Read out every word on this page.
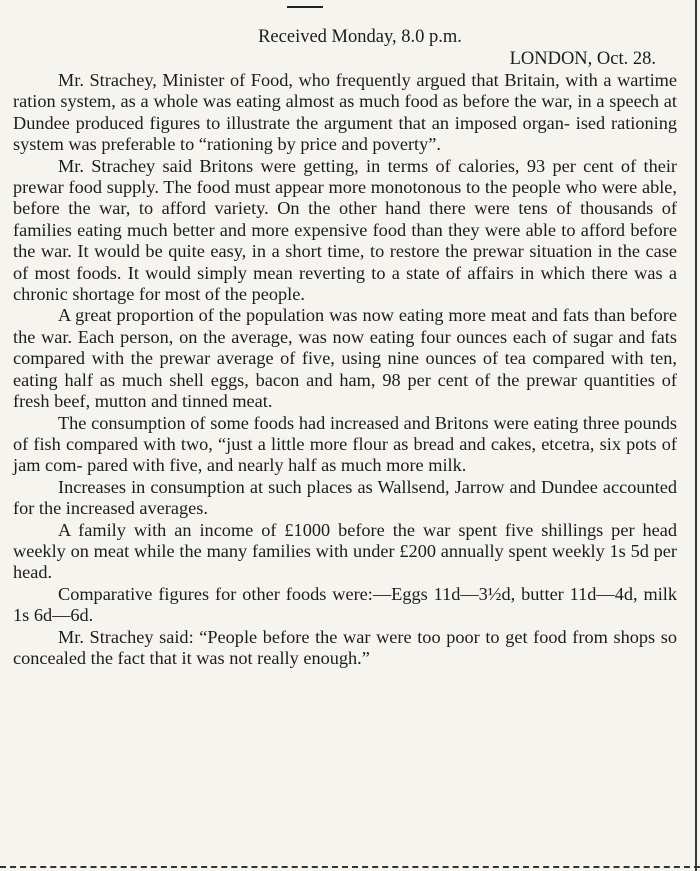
Received Monday, 8.0 p.m.

LONDON, Oct. 28.

Mr. Strachey, Minister of Food, who frequently argued that Britain, with a wartime ration system, as a whole was eating almost as much food as before the war, in a speech at Dundee produced figures to illustrate the argument that an imposed organ- ised rationing system was preferable to “rationing by price and poverty”.

Mr. Strachey said Britons were getting, in terms of calories, 93 per cent of their prewar food supply. The food must appear more monotonous to the people who were able, before the war, to afford variety. On the other hand there were tens of thousands of families eating much better and more expensive food than they were able to afford before the war. It would be quite easy, in a short time, to restore the prewar situation in the case of most foods. It would simply mean reverting to a state of affairs in which there was a chronic shortage for most of the people.

A great proportion of the population was now eating more meat and fats than before the war. Each person, on the average, was now eating four ounces each of sugar and fats compared with the prewar average of five, using nine ounces of tea compared with ten, eating half as much shell eggs, bacon and ham, 98 per cent of the prewar quantities of fresh beef, mutton and tinned meat.

The consumption of some foods had increased and Britons were eating three pounds of fish compared with two, “just a little more flour as bread and cakes, etcetra, six pots of jam com- pared with five, and nearly half as much more milk.

Increases in consumption at such places as Wallsend, Jarrow and Dundee accounted for the increased averages.

A family with an income of £1000 before the war spent five shillings per head weekly on meat while the many families with under £200 annually spent weekly 1s 5d per head.

Comparative figures for other foods were:—Eggs 11d—3½d, butter 11d—4d, milk 1s 6d—6d.

Mr. Strachey said: “People before the war were too poor to get food from shops so concealed the fact that it was not really enough.”
